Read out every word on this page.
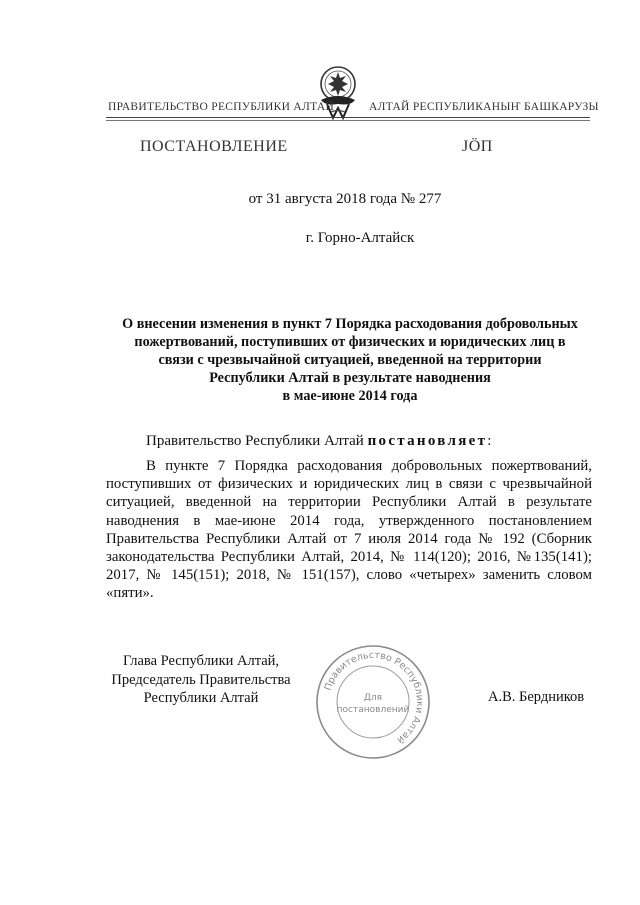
ПРАВИТЕЛЬСТВО РЕСПУБЛИКИ АЛТАЙ	АЛТАЙ РЕСПУБЛИКАНЫҤ БАШКАРУЗЫ
ПОСТАНОВЛЕНИЕ	ЈӦП
от 31 августа 2018 года № 277
г. Горно-Алтайск
О внесении изменения в пункт 7 Порядка расходования добровольных
пожертвований, поступивших от физических и юридических лиц в
связи с чрезвычайной ситуацией, введенной на территории
Республики Алтай в результате наводнения
в мае-июне 2014 года
Правительство Республики Алтай постановляет:
В пункте 7 Порядка расходования добровольных пожертвований,
поступивших от физических и юридических лиц в связи с чрезвычайной
ситуацией, введенной на территории Республики Алтай в результате
наводнения в мае-июне 2014 года, утвержденного постановлением
Правительства Республики Алтай от 7 июля 2014 года № 192 (Сборник
законодательства Республики Алтай, 2014, № 114(120); 2016, №135(141);
2017, № 145(151); 2018, № 151(157), слово «четырех» заменить словом
«пяти».
Глава Республики Алтай,
Председатель Правительства
Республики Алтай	А.В. Бердников
Правительство Республики Алтай
Для
постановлений
